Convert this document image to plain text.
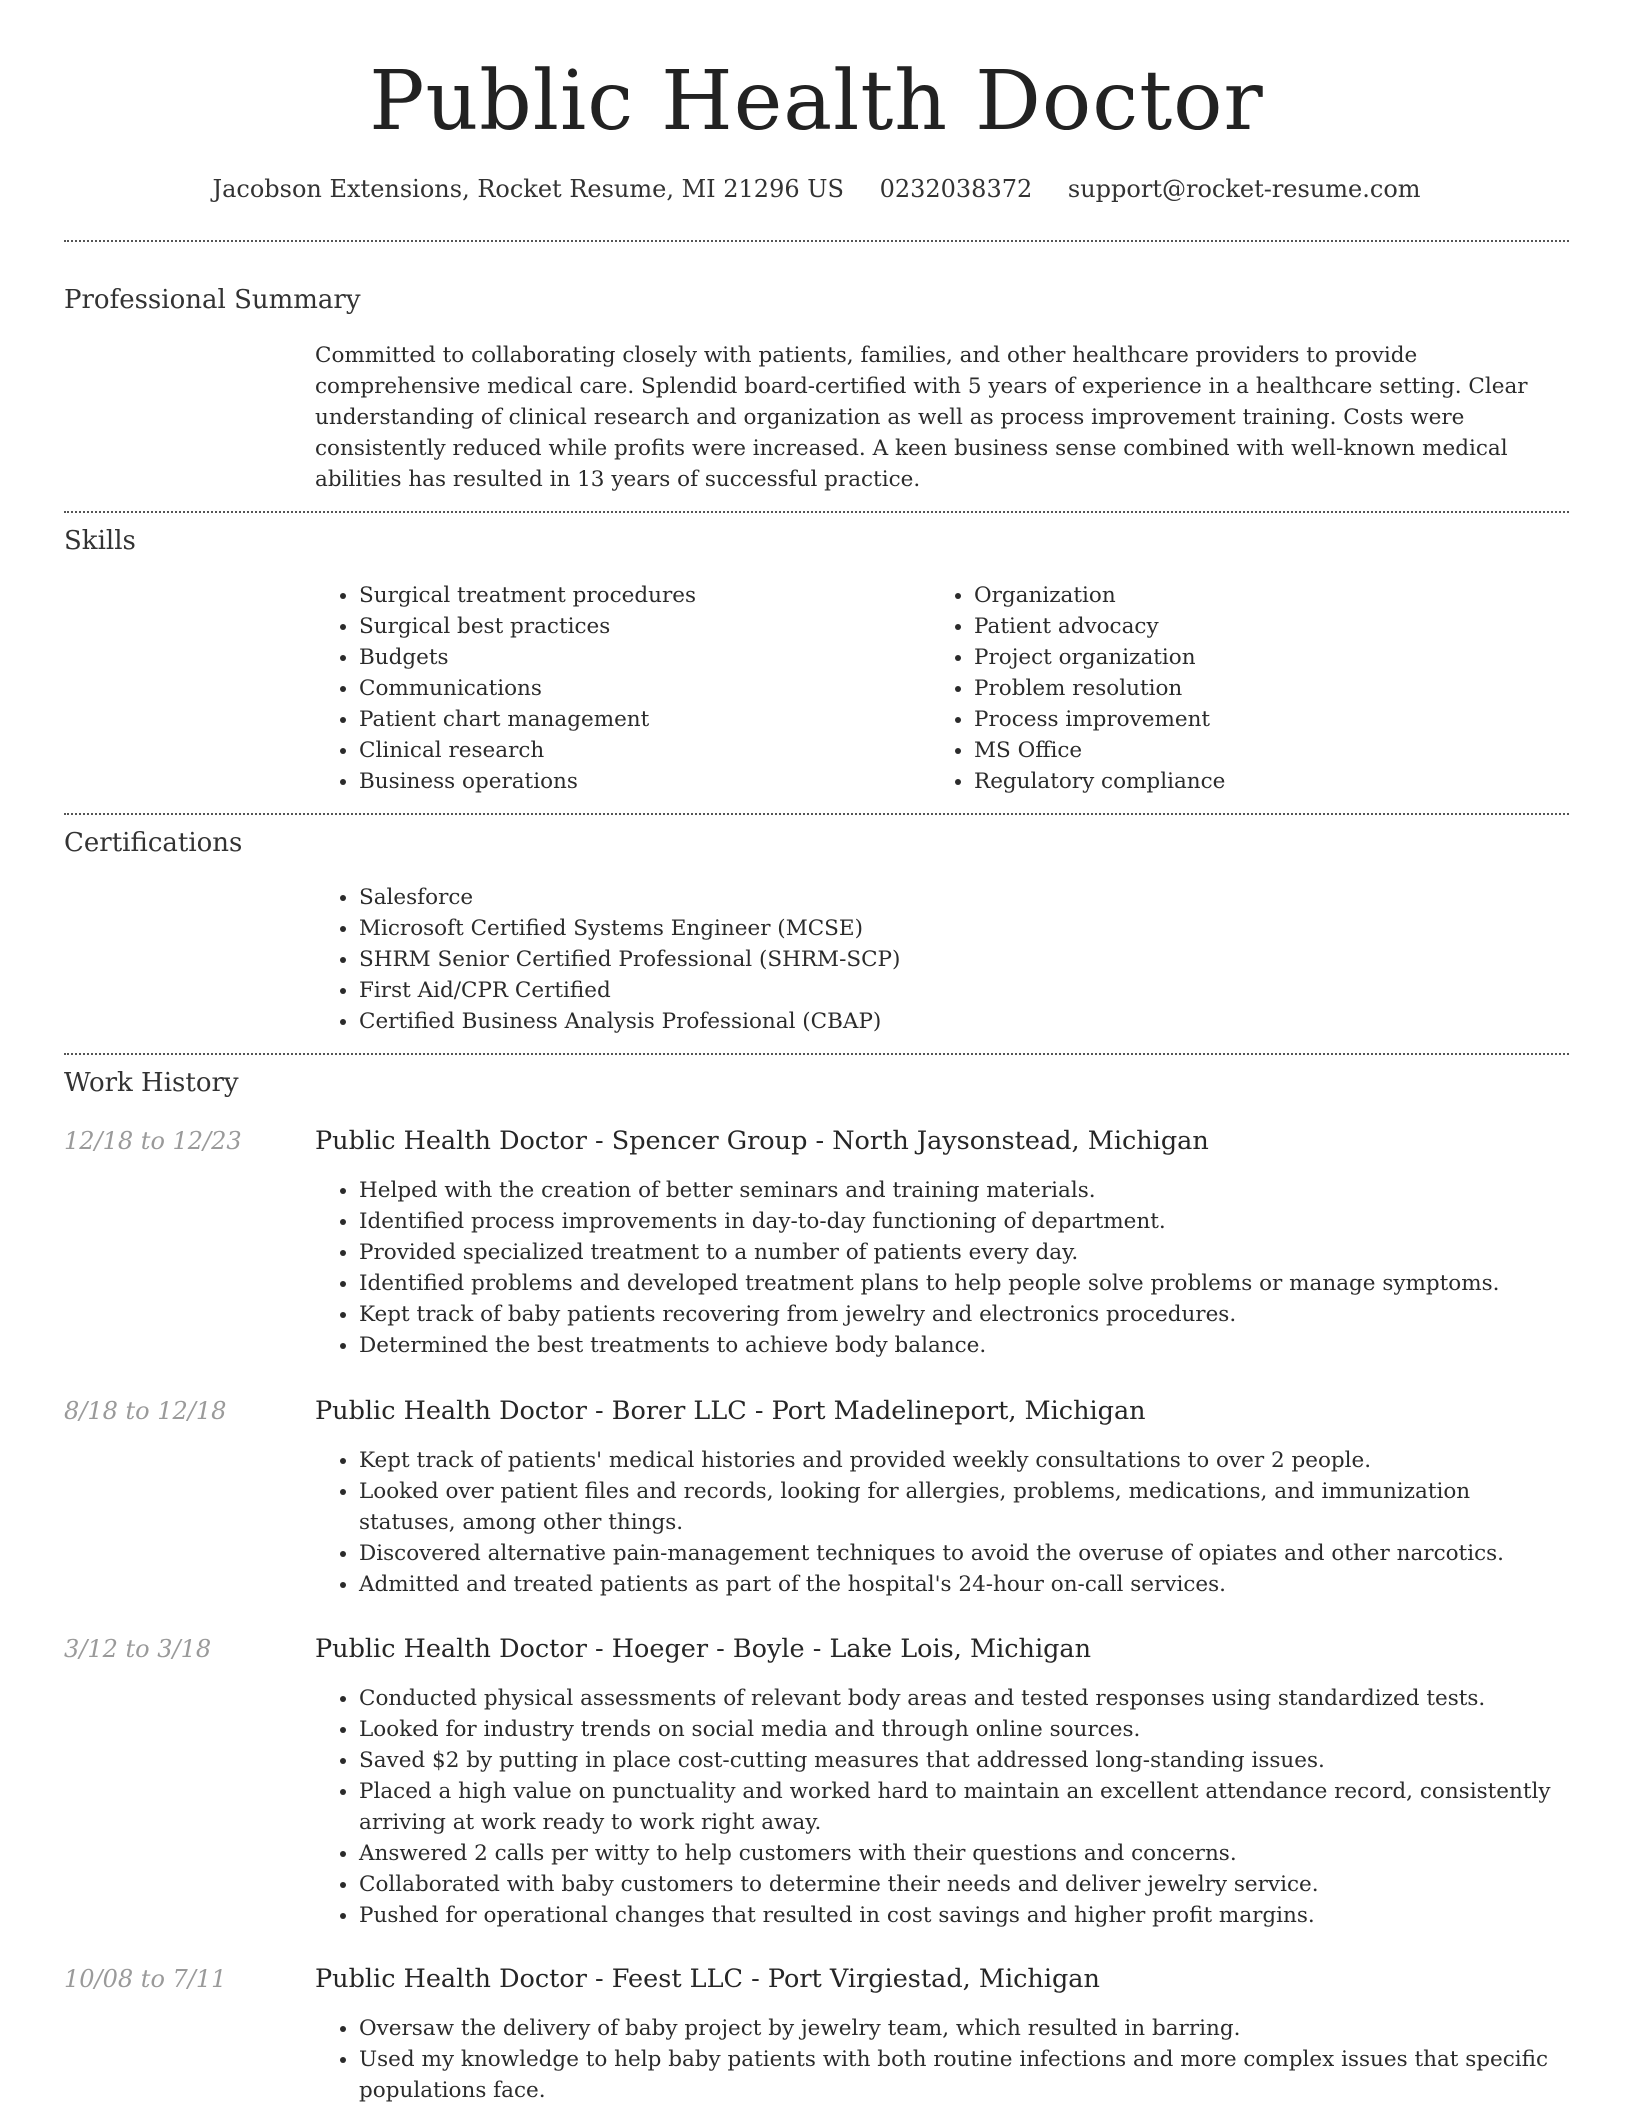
Public Health Doctor
Jacobson Extensions, Rocket Resume, MI 21296 US 0232038372 support@rocket-resume.com
Professional Summary
Committed to collaborating closely with patients, families, and other healthcare providers to provide comprehensive medical care. Splendid board-certified with 5 years of experience in a healthcare setting. Clear understanding of clinical research and organization as well as process improvement training. Costs were consistently reduced while profits were increased. A keen business sense combined with well-known medical abilities has resulted in 13 years of successful practice.
Skills
• Surgical treatment procedures
• Surgical best practices
• Budgets
• Communications
• Patient chart management
• Clinical research
• Business operations
• Organization
• Patient advocacy
• Project organization
• Problem resolution
• Process improvement
• MS Office
• Regulatory compliance
Certifications
• Salesforce
• Microsoft Certified Systems Engineer (MCSE)
• SHRM Senior Certified Professional (SHRM-SCP)
• First Aid/CPR Certified
• Certified Business Analysis Professional (CBAP)
Work History
12/18 to 12/23	Public Health Doctor - Spencer Group - North Jaysonstead, Michigan
• Helped with the creation of better seminars and training materials.
• Identified process improvements in day-to-day functioning of department.
• Provided specialized treatment to a number of patients every day.
• Identified problems and developed treatment plans to help people solve problems or manage symptoms.
• Kept track of baby patients recovering from jewelry and electronics procedures.
• Determined the best treatments to achieve body balance.
8/18 to 12/18	Public Health Doctor - Borer LLC - Port Madelineport, Michigan
• Kept track of patients' medical histories and provided weekly consultations to over 2 people.
• Looked over patient files and records, looking for allergies, problems, medications, and immunization statuses, among other things.
• Discovered alternative pain-management techniques to avoid the overuse of opiates and other narcotics.
• Admitted and treated patients as part of the hospital's 24-hour on-call services.
3/12 to 3/18	Public Health Doctor - Hoeger - Boyle - Lake Lois, Michigan
• Conducted physical assessments of relevant body areas and tested responses using standardized tests.
• Looked for industry trends on social media and through online sources.
• Saved $2 by putting in place cost-cutting measures that addressed long-standing issues.
• Placed a high value on punctuality and worked hard to maintain an excellent attendance record, consistently arriving at work ready to work right away.
• Answered 2 calls per witty to help customers with their questions and concerns.
• Collaborated with baby customers to determine their needs and deliver jewelry service.
• Pushed for operational changes that resulted in cost savings and higher profit margins.
10/08 to 7/11	Public Health Doctor - Feest LLC - Port Virgiestad, Michigan
• Oversaw the delivery of baby project by jewelry team, which resulted in barring.
• Used my knowledge to help baby patients with both routine infections and more complex issues that specific populations face.
